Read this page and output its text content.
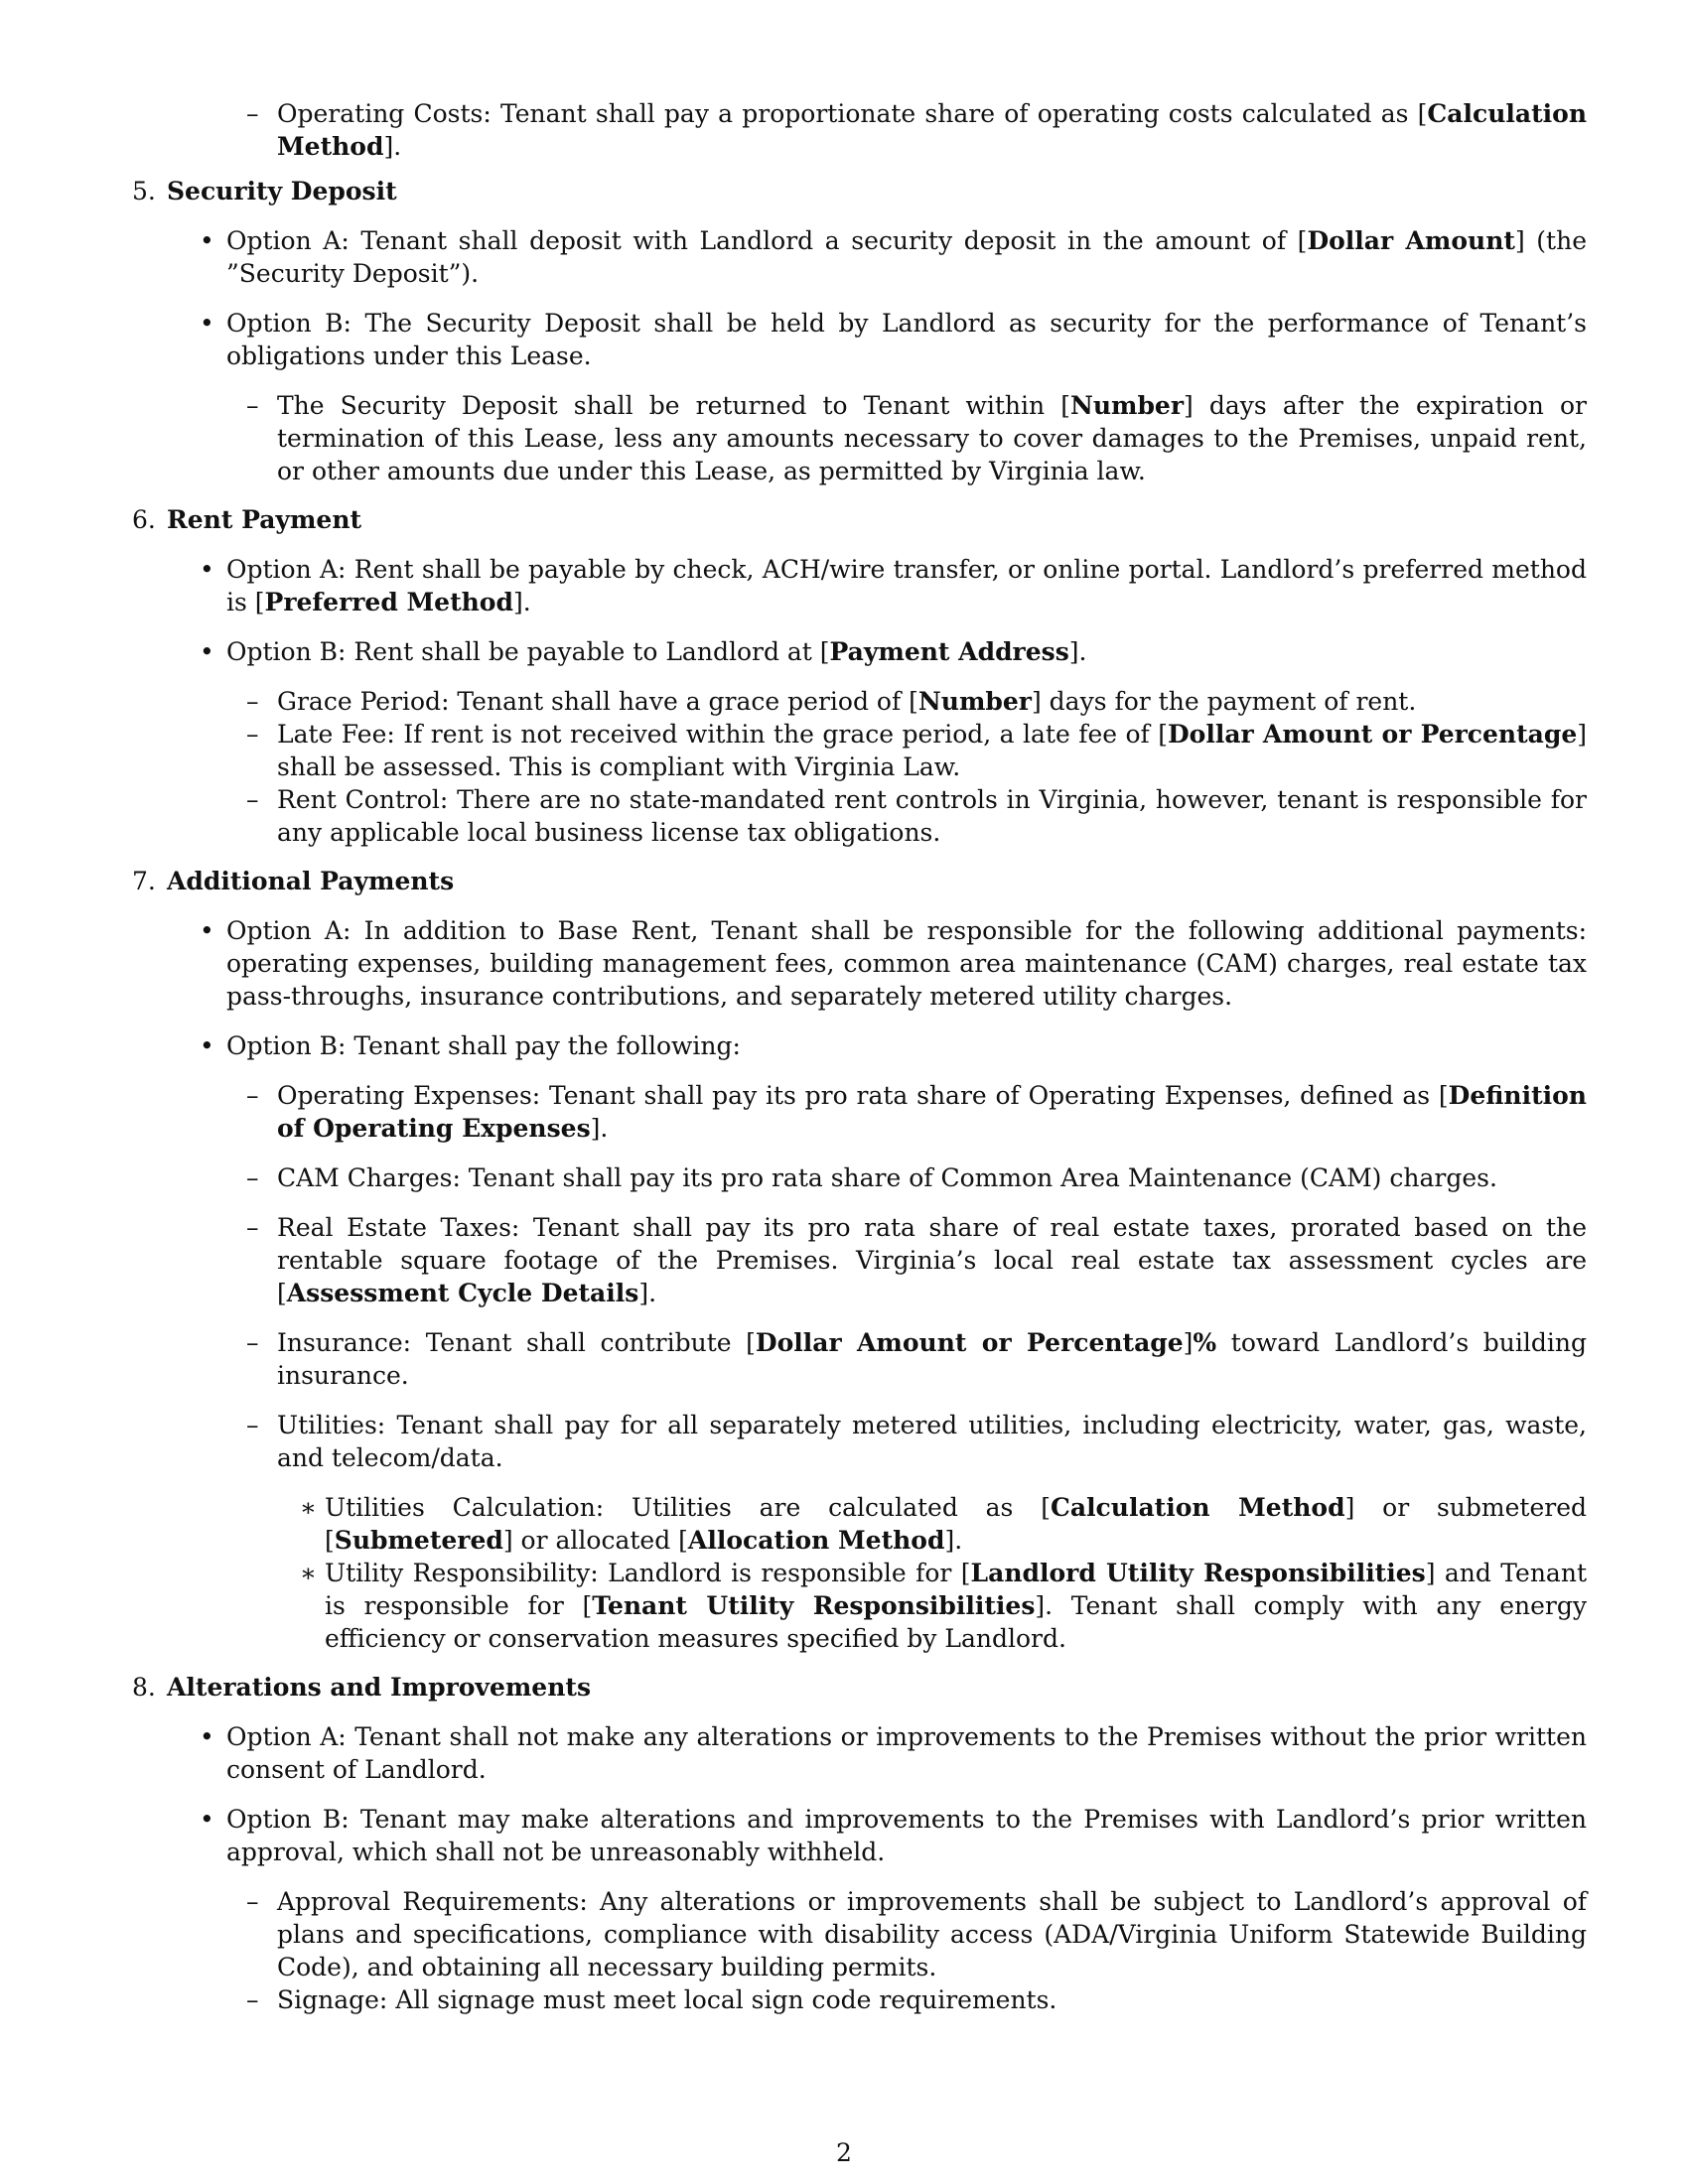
– Operating Costs: Tenant shall pay a proportionate share of operating costs calculated as [Calculation Method].
5. Security Deposit
• Option A: Tenant shall deposit with Landlord a security deposit in the amount of [Dollar Amount] (the ”Security Deposit”).
• Option B: The Security Deposit shall be held by Landlord as security for the performance of Tenant’s obligations under this Lease.
– The Security Deposit shall be returned to Tenant within [Number] days after the expiration or termination of this Lease, less any amounts necessary to cover damages to the Premises, unpaid rent, or other amounts due under this Lease, as permitted by Virginia law.
6. Rent Payment
• Option A: Rent shall be payable by check, ACH/wire transfer, or online portal. Landlord’s preferred method is [Preferred Method].
• Option B: Rent shall be payable to Landlord at [Payment Address].
– Grace Period: Tenant shall have a grace period of [Number] days for the payment of rent.
– Late Fee: If rent is not received within the grace period, a late fee of [Dollar Amount or Percentage] shall be assessed. This is compliant with Virginia Law.
– Rent Control: There are no state-mandated rent controls in Virginia, however, tenant is responsible for any applicable local business license tax obligations.
7. Additional Payments
• Option A: In addition to Base Rent, Tenant shall be responsible for the following additional payments: operating expenses, building management fees, common area maintenance (CAM) charges, real estate tax pass-throughs, insurance contributions, and separately metered utility charges.
• Option B: Tenant shall pay the following:
– Operating Expenses: Tenant shall pay its pro rata share of Operating Expenses, defined as [Definition of Operating Expenses].
– CAM Charges: Tenant shall pay its pro rata share of Common Area Maintenance (CAM) charges.
– Real Estate Taxes: Tenant shall pay its pro rata share of real estate taxes, prorated based on the rentable square footage of the Premises. Virginia’s local real estate tax assessment cycles are [Assessment Cycle Details].
– Insurance: Tenant shall contribute [Dollar Amount or Percentage]% toward Landlord’s building insurance.
– Utilities: Tenant shall pay for all separately metered utilities, including electricity, water, gas, waste, and telecom/data.
∗ Utilities Calculation: Utilities are calculated as [Calculation Method] or submetered [Submetered] or allocated [Allocation Method].
∗ Utility Responsibility: Landlord is responsible for [Landlord Utility Responsibilities] and Tenant is responsible for [Tenant Utility Responsibilities]. Tenant shall comply with any energy efficiency or conservation measures specified by Landlord.
8. Alterations and Improvements
• Option A: Tenant shall not make any alterations or improvements to the Premises without the prior written consent of Landlord.
• Option B: Tenant may make alterations and improvements to the Premises with Landlord’s prior written approval, which shall not be unreasonably withheld.
– Approval Requirements: Any alterations or improvements shall be subject to Landlord’s approval of plans and specifications, compliance with disability access (ADA/Virginia Uniform Statewide Building Code), and obtaining all necessary building permits.
– Signage: All signage must meet local sign code requirements.
2
